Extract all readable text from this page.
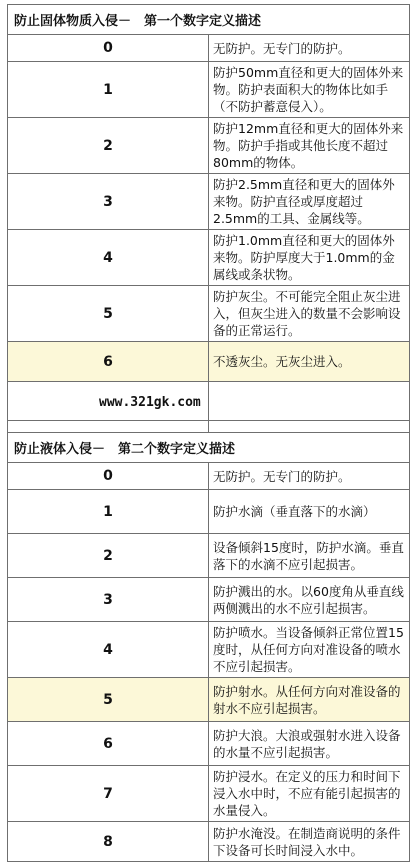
防止固体物质入侵－　第一个数字定义描述	
0	无防护。无专门的防护。
1	防护50mm直径和更大的固体外来物。防护表面积大的物体比如手（不防护蓄意侵入）。
2	防护12mm直径和更大的固体外来物。防护手指或其他长度不超过80mm的物体。
3	防护2.5mm直径和更大的固体外来物。防护直径或厚度超过2.5mm的工具、金属线等。
4	防护1.0mm直径和更大的固体外来物。防护厚度大于1.0mm的金属线或条状物。
5	防护灰尘。不可能完全阻止灰尘进入，但灰尘进入的数量不会影响设备的正常运行。
6	不透灰尘。无灰尘进入。

www.321gk.com
防止液体入侵－　第二个数字定义描述	
0	无防护。无专门的防护。
1	防护水滴（垂直落下的水滴）
2	设备倾斜15度时，防护水滴。垂直落下的水滴不应引起损害。
3	防护溅出的水。以60度角从垂直线两侧溅出的水不应引起损害。
4	防护喷水。当设备倾斜正常位置15度时，从任何方向对准设备的喷水不应引起损害。
5	防护射水。从任何方向对准设备的射水不应引起损害。
6	防护大浪。大浪或强射水进入设备的水量不应引起损害。
7	防护浸水。在定义的压力和时间下浸入水中时，不应有能引起损害的水量侵入。
8	防护水淹没。在制造商说明的条件下设备可长时间浸入水中。
